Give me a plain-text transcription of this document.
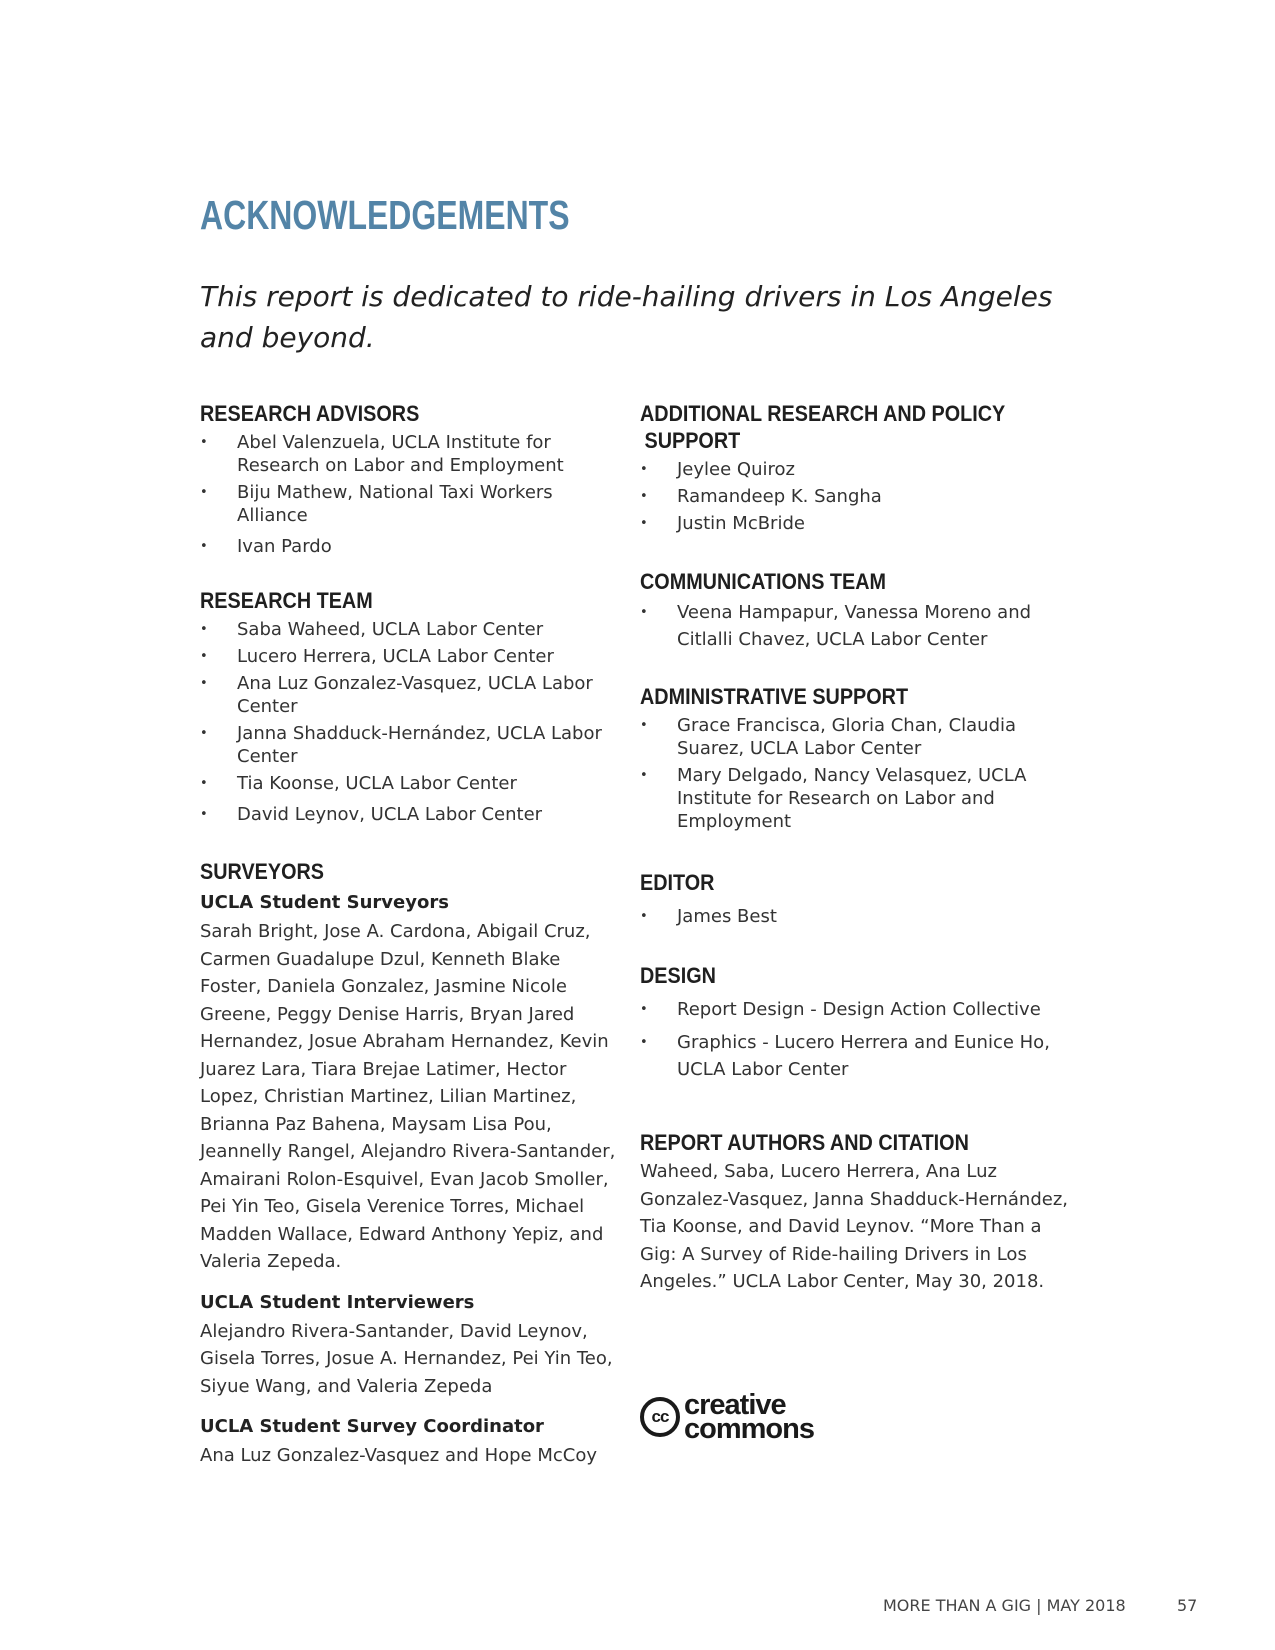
ACKNOWLEDGEMENTS

This report is dedicated to ride-hailing drivers in Los Angeles and beyond.

RESEARCH ADVISORS
• Abel Valenzuela, UCLA Institute for Research on Labor and Employment
• Biju Mathew, National Taxi Workers Alliance
• Ivan Pardo
RESEARCH TEAM
• Saba Waheed, UCLA Labor Center
• Lucero Herrera, UCLA Labor Center
• Ana Luz Gonzalez-Vasquez, UCLA Labor Center
• Janna Shadduck-Hernández, UCLA Labor Center
• Tia Koonse, UCLA Labor Center
• David Leynov, UCLA Labor Center
SURVEYORS
UCLA Student Surveyors

Sarah Bright, Jose A. Cardona, Abigail Cruz, Carmen Guadalupe Dzul, Kenneth Blake Foster, Daniela Gonzalez, Jasmine Nicole Greene, Peggy Denise Harris, Bryan Jared Hernandez, Josue Abraham Hernandez, Kevin Juarez Lara, Tiara Brejae Latimer, Hector Lopez, Christian Martinez, Lilian Martinez, Brianna Paz Bahena, Maysam Lisa Pou, Jeannelly Rangel, Alejandro Rivera-Santander, Amairani Rolon-Esquivel, Evan Jacob Smoller, Pei Yin Teo, Gisela Verenice Torres, Michael Madden Wallace, Edward Anthony Yepiz, and Valeria Zepeda.

UCLA Student Interviewers

Alejandro Rivera-Santander, David Leynov, Gisela Torres, Josue A. Hernandez, Pei Yin Teo, Siyue Wang, and Valeria Zepeda

UCLA Student Survey Coordinator

Ana Luz Gonzalez-Vasquez and Hope McCoy

ADDITIONAL RESEARCH AND POLICY
SUPPORT
• Jeylee Quiroz
• Ramandeep K. Sangha
• Justin McBride
COMMUNICATIONS TEAM
• Veena Hampapur, Vanessa Moreno and Citlalli Chavez, UCLA Labor Center
ADMINISTRATIVE SUPPORT
• Grace Francisca, Gloria Chan, Claudia Suarez, UCLA Labor Center
• Mary Delgado, Nancy Velasquez, UCLA Institute for Research on Labor and Employment
EDITOR
• James Best
DESIGN
• Report Design - Design Action Collective
• Graphics - Lucero Herrera and Eunice Ho, UCLA Labor Center
REPORT AUTHORS AND CITATION

Waheed, Saba, Lucero Herrera, Ana Luz Gonzalez-Vasquez, Janna Shadduck-Hernández, Tia Koonse, and David Leynov. “More Than a Gig: A Survey of Ride-hailing Drivers in Los Angeles.” UCLA Labor Center, May 30, 2018.

cc creative
commons
MORE THAN A GIG | MAY 2018	57
